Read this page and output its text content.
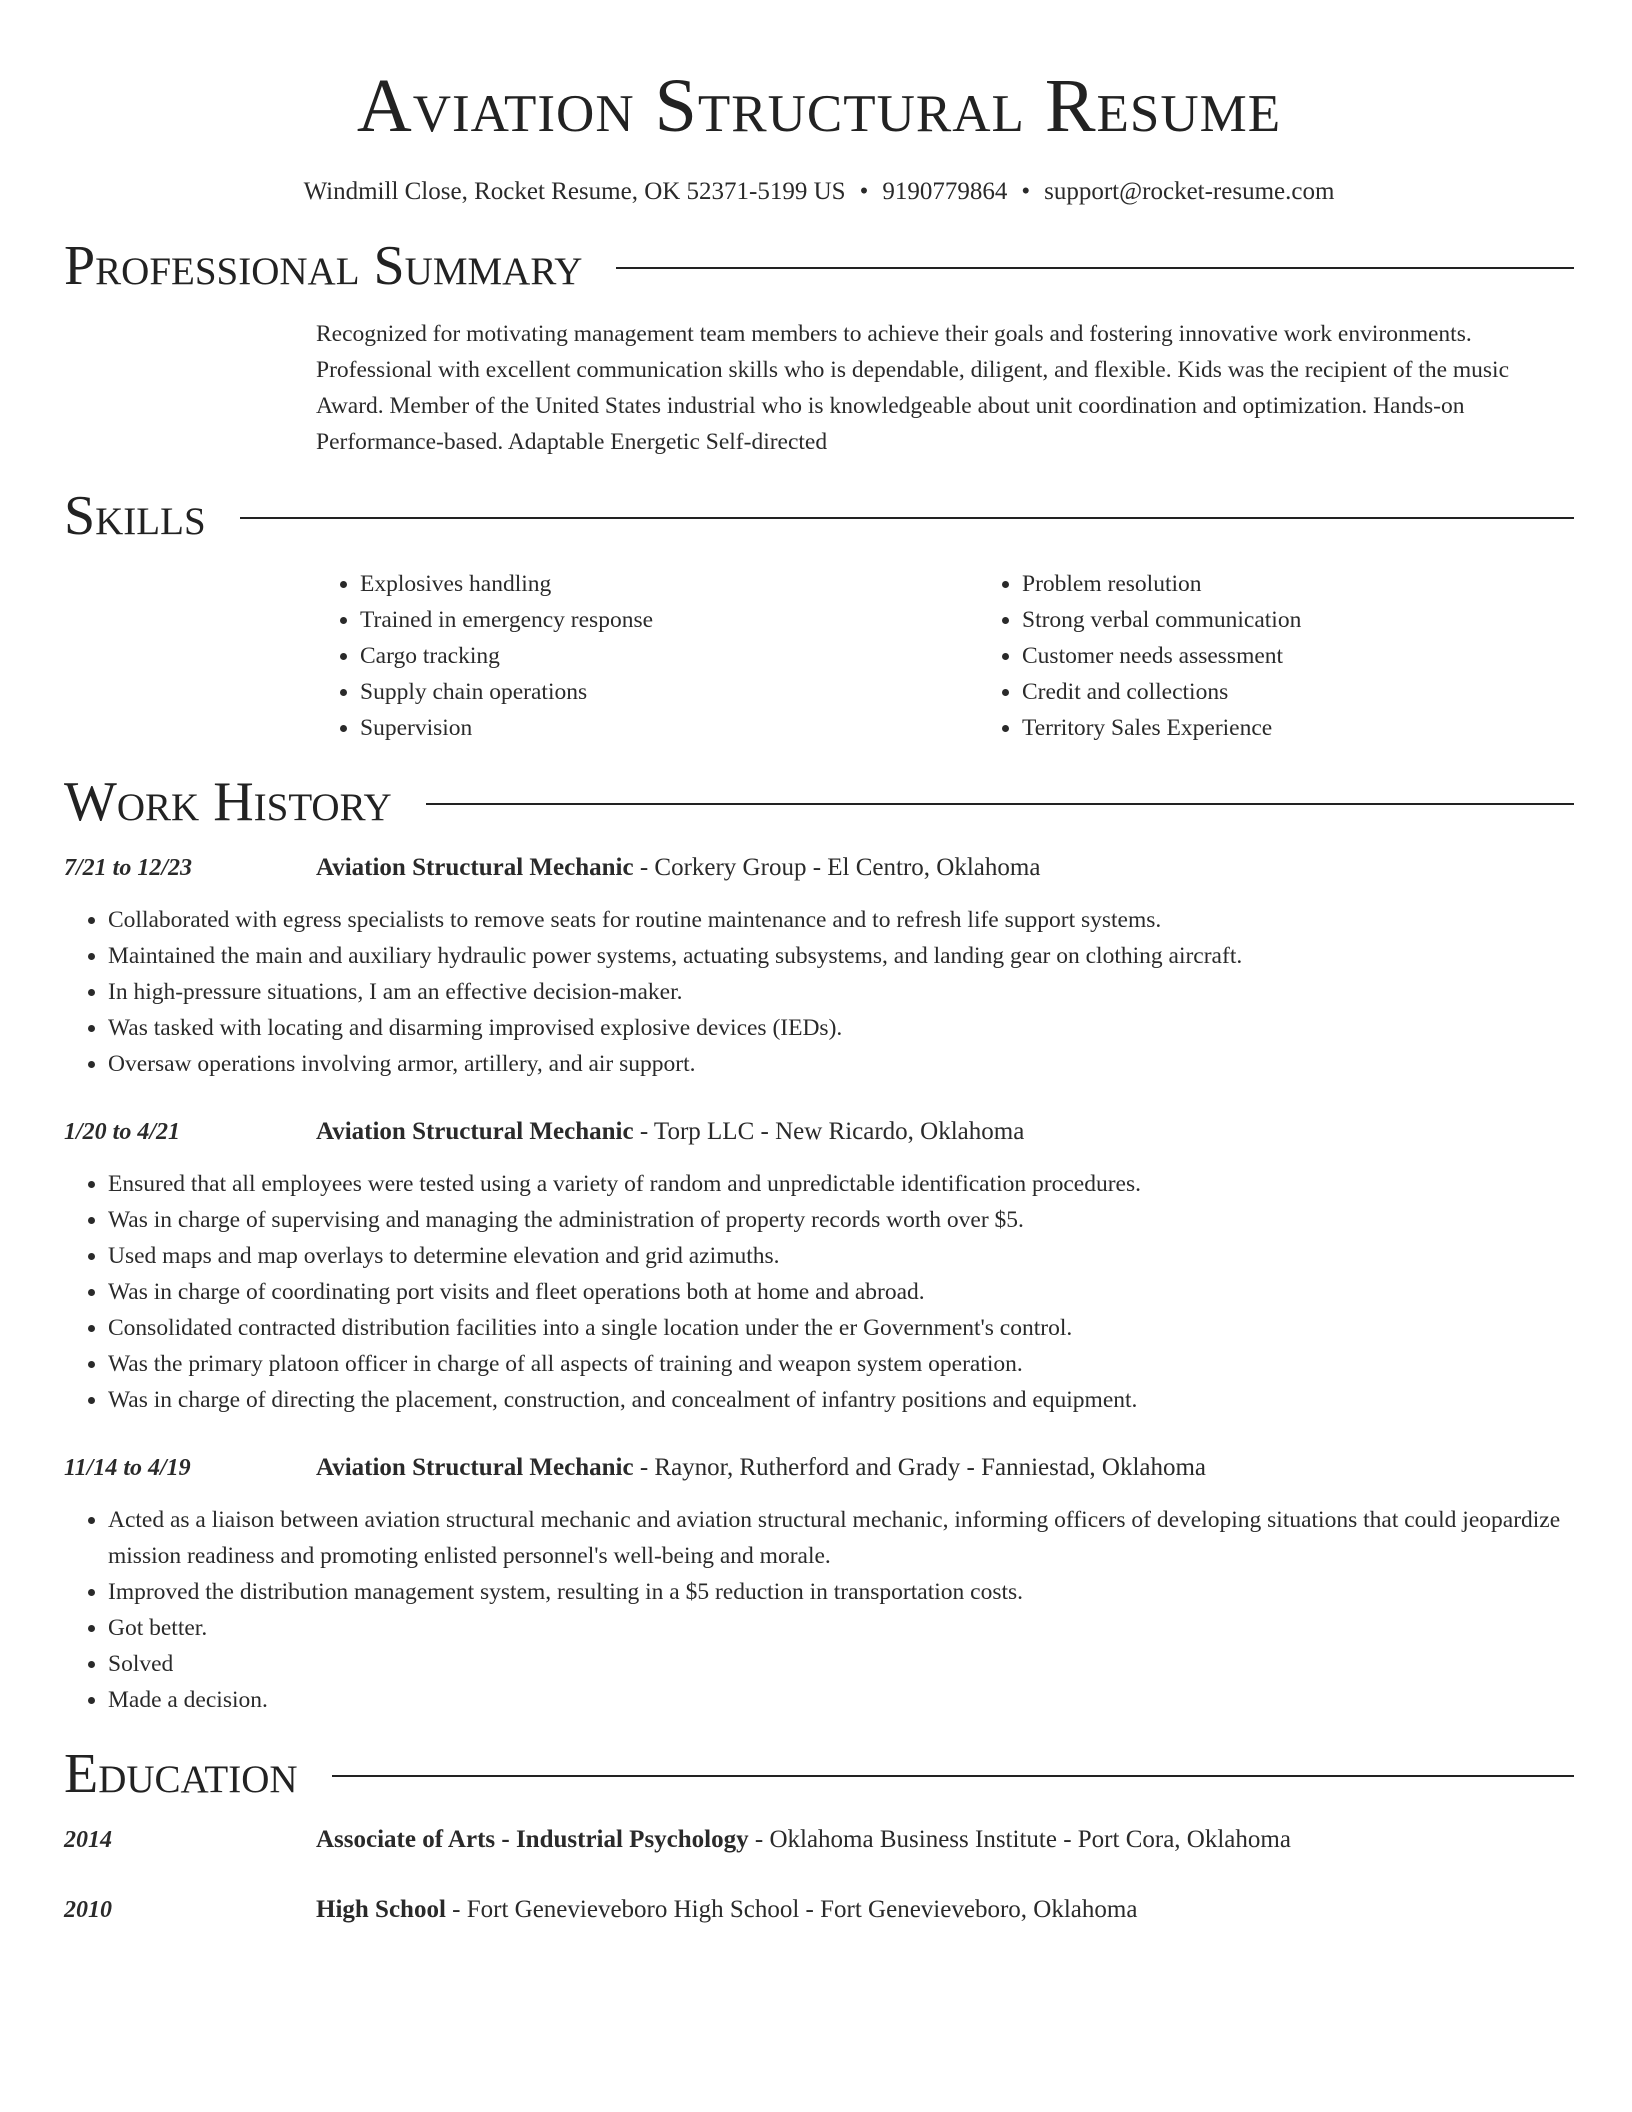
Aviation Structural Resume
Windmill Close, Rocket Resume, OK 52371-5199 US • 9190779864 • support@rocket-resume.com
Professional Summary

Recognized for motivating management team members to achieve their goals and fostering innovative work environments. Professional with excellent communication skills who is dependable, diligent, and flexible. Kids was the recipient of the music Award. Member of the United States industrial who is knowledgeable about unit coordination and optimization. Hands-on Performance-based. Adaptable Energetic Self-directed

Skills
• Explosives handling
• Trained in emergency response
• Cargo tracking
• Supply chain operations
• Supervision
• Problem resolution
• Strong verbal communication
• Customer needs assessment
• Credit and collections
• Territory Sales Experience
Work History
7/21 to 12/23	Aviation Structural Mechanic - Corkery Group - El Centro, Oklahoma
• Collaborated with egress specialists to remove seats for routine maintenance and to refresh life support systems.
• Maintained the main and auxiliary hydraulic power systems, actuating subsystems, and landing gear on clothing aircraft.
• In high-pressure situations, I am an effective decision-maker.
• Was tasked with locating and disarming improvised explosive devices (IEDs).
• Oversaw operations involving armor, artillery, and air support.
1/20 to 4/21	Aviation Structural Mechanic - Torp LLC - New Ricardo, Oklahoma
• Ensured that all employees were tested using a variety of random and unpredictable identification procedures.
• Was in charge of supervising and managing the administration of property records worth over $5.
• Used maps and map overlays to determine elevation and grid azimuths.
• Was in charge of coordinating port visits and fleet operations both at home and abroad.
• Consolidated contracted distribution facilities into a single location under the er Government's control.
• Was the primary platoon officer in charge of all aspects of training and weapon system operation.
• Was in charge of directing the placement, construction, and concealment of infantry positions and equipment.
11/14 to 4/19	Aviation Structural Mechanic - Raynor, Rutherford and Grady - Fanniestad, Oklahoma
• Acted as a liaison between aviation structural mechanic and aviation structural mechanic, informing officers of developing situations that could jeopardize mission readiness and promoting enlisted personnel's well-being and morale.
• Improved the distribution management system, resulting in a $5 reduction in transportation costs.
• Got better.
• Solved
• Made a decision.
Education
2014	Associate of Arts - Industrial Psychology - Oklahoma Business Institute - Port Cora, Oklahoma
2010	High School - Fort Genevieveboro High School - Fort Genevieveboro, Oklahoma
